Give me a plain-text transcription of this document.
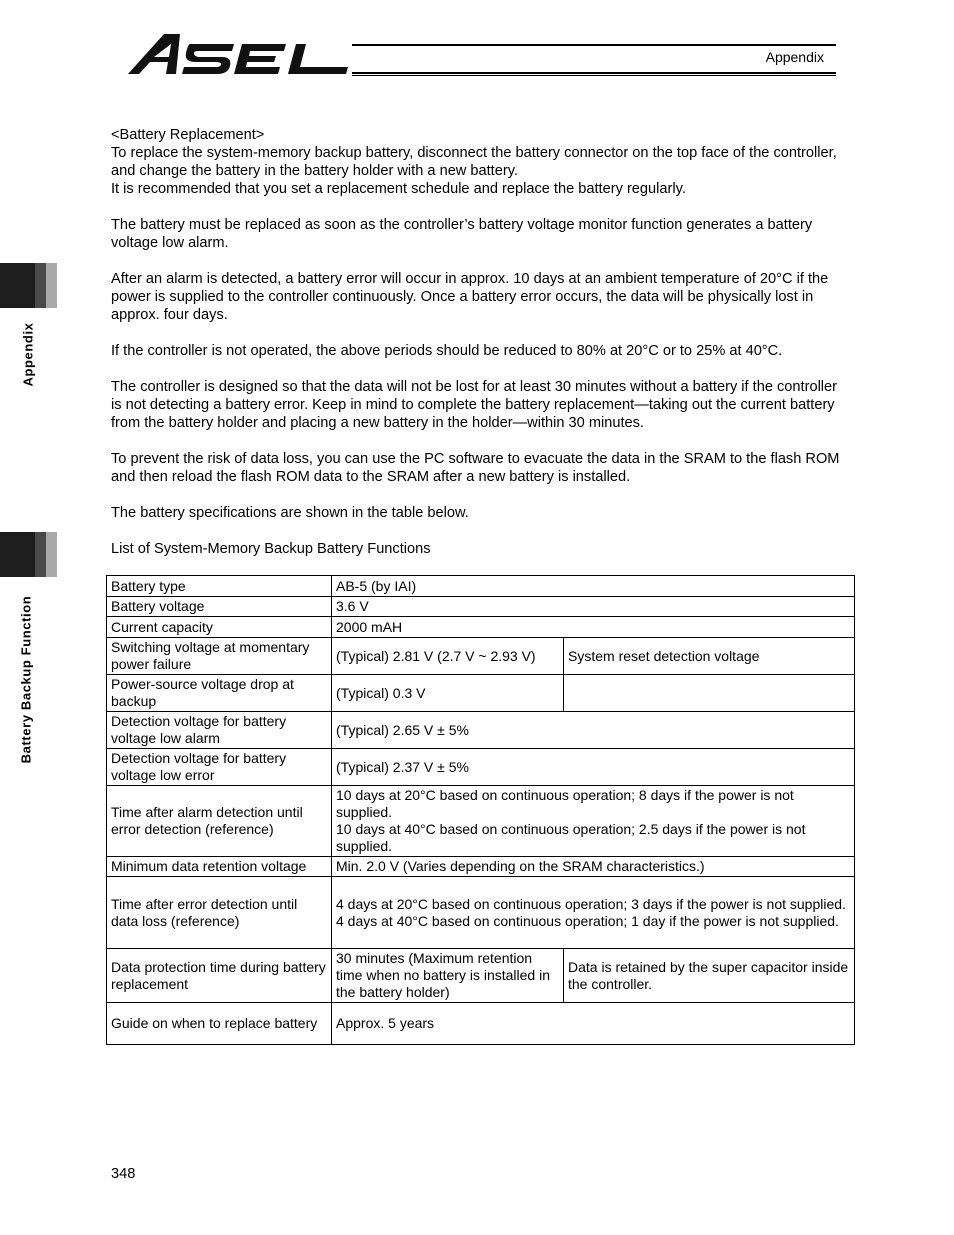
Appendix
Appendix
Battery Backup Function

<Battery Replacement>

To replace the system-memory backup battery, disconnect the battery connector on the top face of the controller, and change the battery in the battery holder with a new battery.

It is recommended that you set a replacement schedule and replace the battery regularly.

The battery must be replaced as soon as the controller’s battery voltage monitor function generates a battery voltage low alarm.

After an alarm is detected, a battery error will occur in approx. 10 days at an ambient temperature of 20°C if the power is supplied to the controller continuously. Once a battery error occurs, the data will be physically lost in approx. four days.

If the controller is not operated, the above periods should be reduced to 80% at 20°C or to 25% at 40°C.

The controller is designed so that the data will not be lost for at least 30 minutes without a battery if the controller is not detecting a battery error. Keep in mind to complete the battery replacement—taking out the current battery from the battery holder and placing a new battery in the holder—within 30 minutes.

To prevent the risk of data loss, you can use the PC software to evacuate the data in the SRAM to the flash ROM and then reload the flash ROM data to the SRAM after a new battery is installed.

The battery specifications are shown in the table below.

List of System-Memory Backup Battery Functions

Battery type	AB-5 (by IAI)	
Battery voltage	3.6 V	
Current capacity	2000 mAH	
Switching voltage at momentary power failure	(Typical) 2.81 V (2.7 V ~ 2.93 V)	System reset detection voltage
Power-source voltage drop at backup	(Typical) 0.3 V	
Detection voltage for battery voltage low alarm	(Typical) 2.65 V ± 5%	
Detection voltage for battery voltage low error	(Typical) 2.37 V ± 5%	
Time after alarm detection until error detection (reference)	10 days at 20°C based on continuous operation; 8 days if the power is not supplied.
10 days at 40°C based on continuous operation; 2.5 days if the power is not supplied.	

Minimum data retention voltage	Min. 2.0 V (Varies depending on the SRAM characteristics.)	
Time after error detection until data loss (reference)	4 days at 20°C based on continuous operation; 3 days if the power is not supplied.
4 days at 40°C based on continuous operation; 1 day if the power is not supplied.	

Data protection time during battery replacement	30 minutes (Maximum retention time when no battery is installed in the battery holder)	Data is retained by the super capacitor inside the controller.
Guide on when to replace battery	Approx. 5 years	
348
